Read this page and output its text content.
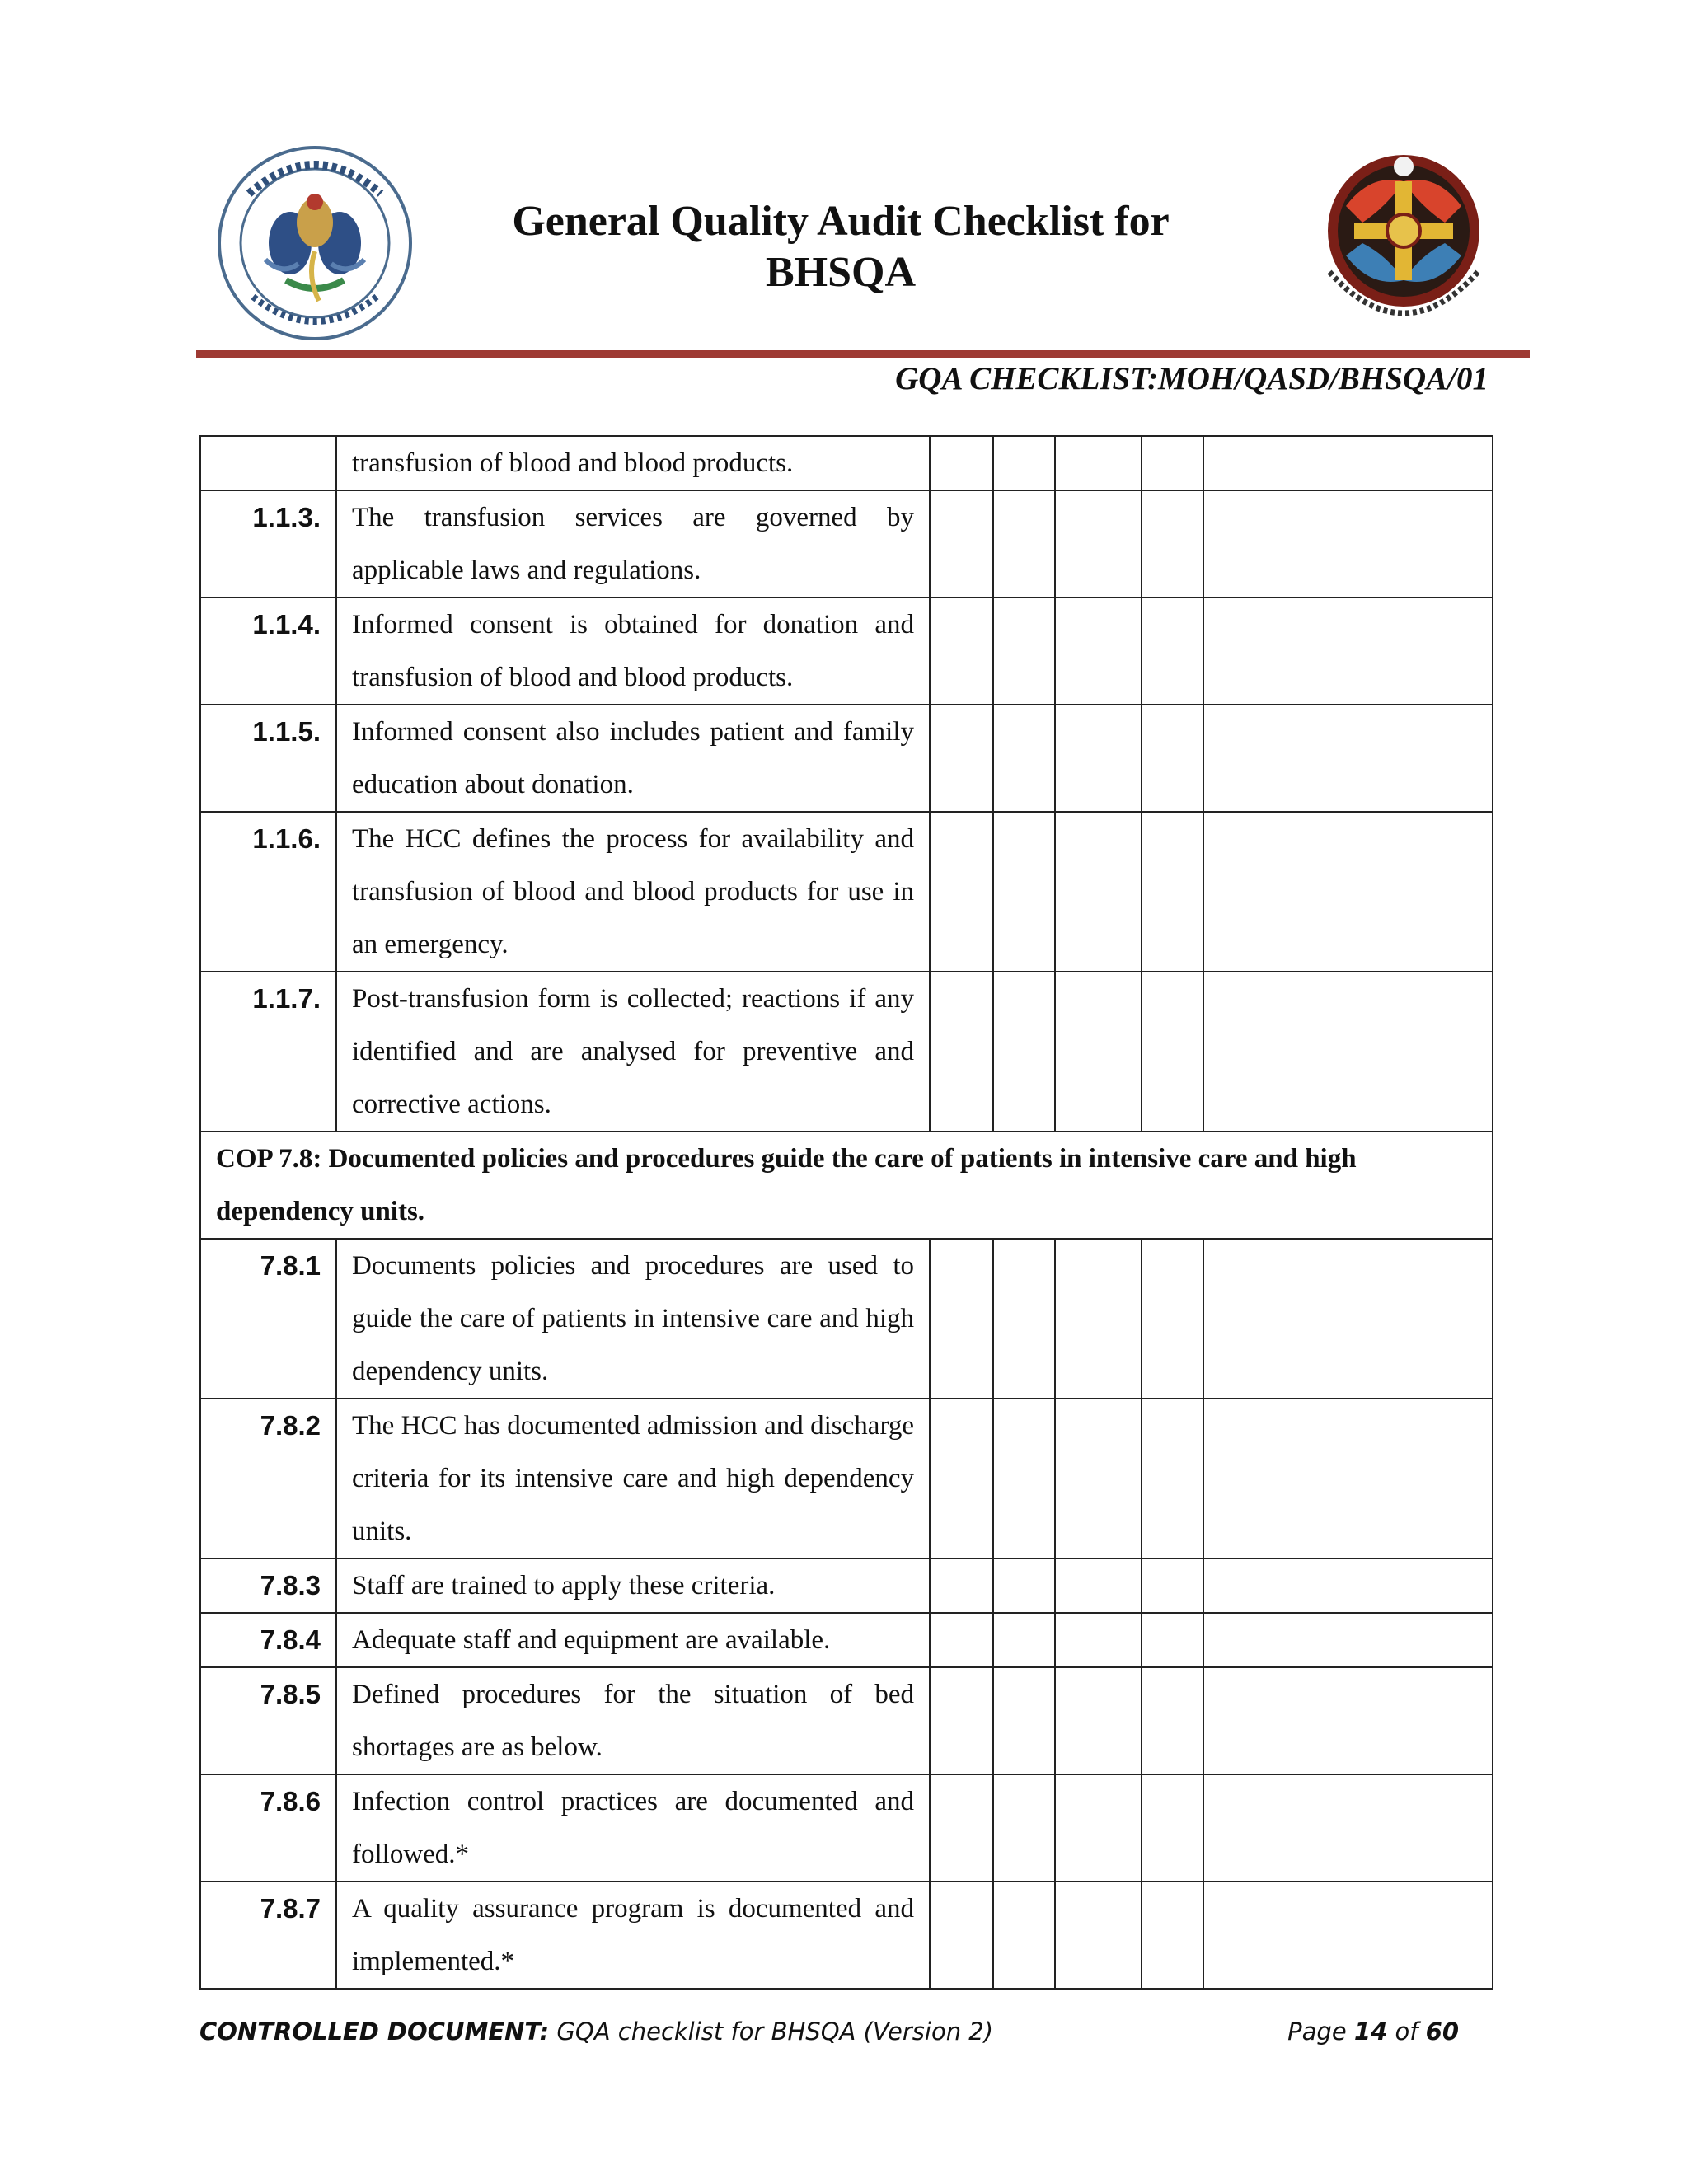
General Quality Audit Checklist for
BHSQA
GQA CHECKLIST:MOH/QASD/BHSQA/01
	transfusion of blood and blood products.					
1.1.3.	The transfusion services are governed by applicable laws and regulations.					
1.1.4.	Informed consent is obtained for donation and transfusion of blood and blood products.					
1.1.5.	Informed consent also includes patient and family education about donation.					
1.1.6.	The HCC defines the process for availability and transfusion of blood and blood products for use in an emergency.					
1.1.7.	Post-transfusion form is collected; reactions if any identified and are analysed for preventive and corrective actions.					
COP 7.8: Documented policies and procedures guide the care of patients in intensive care and high dependency units.						
7.8.1	Documents policies and procedures are used to guide the care of patients in intensive care and high dependency units.					
7.8.2	The HCC has documented admission and discharge criteria for its intensive care and high dependency units.					
7.8.3	Staff are trained to apply these criteria.					
7.8.4	Adequate staff and equipment are available.					
7.8.5	Defined procedures for the situation of bed shortages are as below.					
7.8.6	Infection control practices are documented and followed.*					
7.8.7	A quality assurance program is documented and implemented.*					
CONTROLLED DOCUMENT: GQA checklist for BHSQA (Version 2)	Page 14 of 60
